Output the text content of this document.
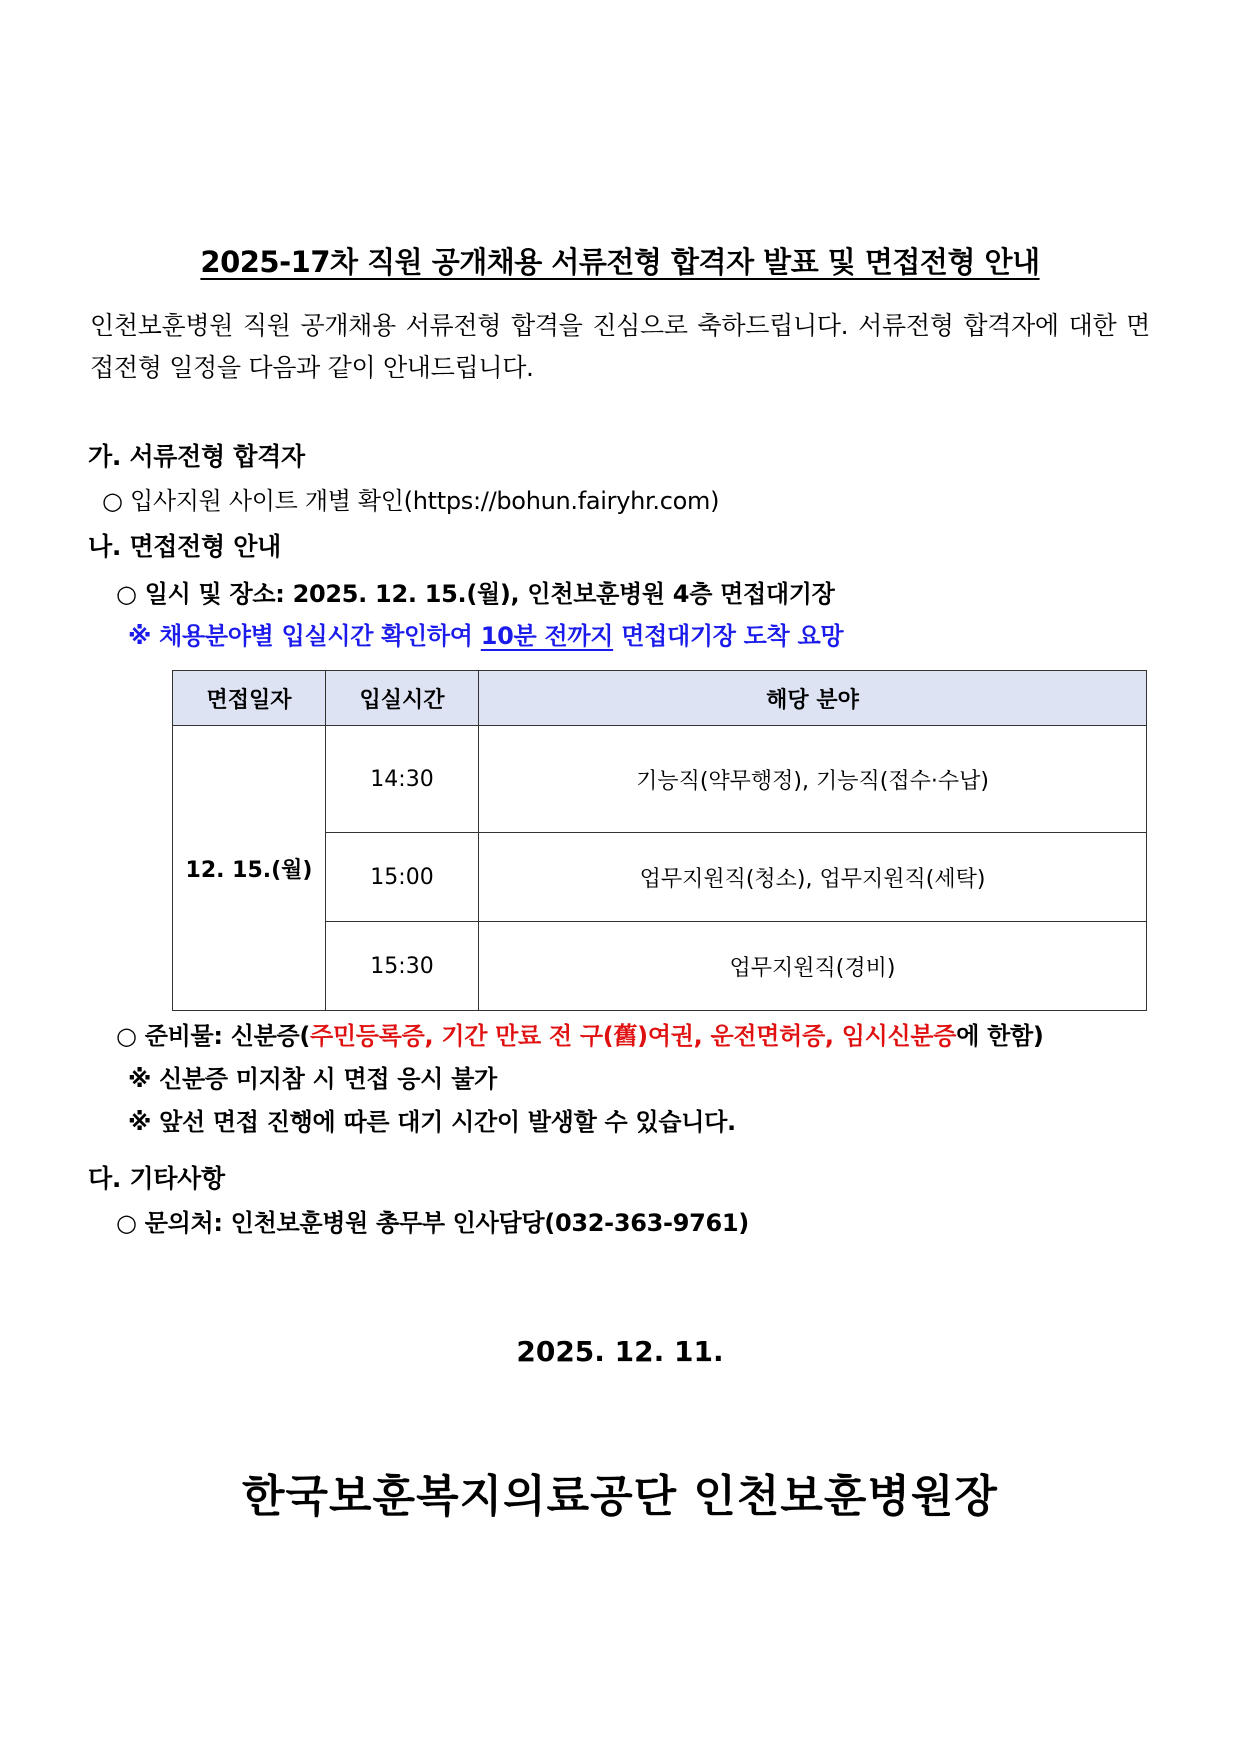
2025-17차 직원 공개채용 서류전형 합격자 발표 및 면접전형 안내
인천보훈병원 직원 공개채용 서류전형 합격을 진심으로 축하드립니다. 서류전형 합격자에 대한 면접전형 일정을 다음과 같이 안내드립니다.
가. 서류전형 합격자
○ 입사지원 사이트 개별 확인(https://bohun.fairyhr.com)
나. 면접전형 안내
○ 일시 및 장소: 2025. 12. 15.(월), 인천보훈병원 4층 면접대기장
※ 채용분야별 입실시간 확인하여 10분 전까지 면접대기장 도착 요망
면접일자	입실시간	해당 분야
12. 15.(월)	14:30	기능직(약무행정), 기능직(접수·수납)
	15:00	업무지원직(청소), 업무지원직(세탁)
	15:30	업무지원직(경비)
○ 준비물: 신분증(주민등록증, 기간 만료 전 구(舊)여권, 운전면허증, 임시신분증에 한함)
※ 신분증 미지참 시 면접 응시 불가
※ 앞선 면접 진행에 따른 대기 시간이 발생할 수 있습니다.
다. 기타사항
○ 문의처: 인천보훈병원 총무부 인사담당(032-363-9761)
2025. 12. 11.
한국보훈복지의료공단 인천보훈병원장
